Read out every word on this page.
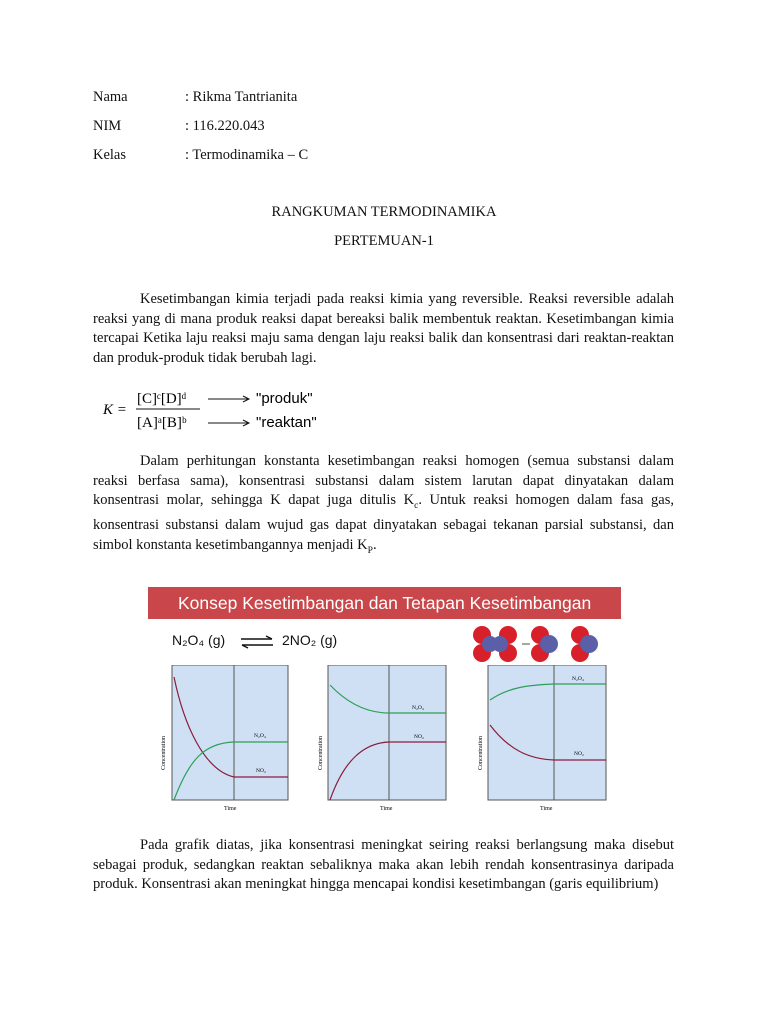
Nama	: Rikma Tantrianita
NIM	: 116.220.043
Kelas	: Termodinamika – C
RANGKUMAN TERMODINAMIKA
PERTEMUAN-1

Kesetimbangan kimia terjadi pada reaksi kimia yang reversible. Reaksi reversible adalah reaksi yang di mana produk reaksi dapat bereaksi balik membentuk reaktan. Kesetimbangan kimia tercapai Ketika laju reaksi maju sama dengan laju reaksi balik dan konsentrasi dari reaktan-reaktan dan produk-produk tidak berubah lagi.

K =
[C]ᶜ[D]ᵈ
[A]ᵃ[B]ᵇ
"produk"
"reaktan"

Dalam perhitungan konstanta kesetimbangan reaksi homogen (semua substansi dalam reaksi berfasa sama), konsentrasi substansi dalam sistem larutan dapat dinyatakan dalam konsentrasi molar, sehingga K dapat juga ditulis $K_c$. Untuk reaksi homogen dalam fasa gas, konsentrasi substansi dalam wujud gas dapat dinyatakan sebagai tekanan parsial substansi, dan simbol konstanta kesetimbangannya menjadi $K_P$.

Konsep Kesetimbangan dan Tetapan Kesetimbangan
N₂O₄ (g) ⇌ 2NO₂ (g)
N₂O₄
NO₂
Concentration
Time
N₂O₄
NO₂
Concentration
Time
N₂O₄
NO₂
Concentration
Time

Pada grafik diatas, jika konsentrasi meningkat seiring reaksi berlangsung maka disebut sebagai produk, sedangkan reaktan sebaliknya maka akan lebih rendah konsentrasinya daripada produk. Konsentrasi akan meningkat hingga mencapai kondisi kesetimbangan (garis equilibrium)
